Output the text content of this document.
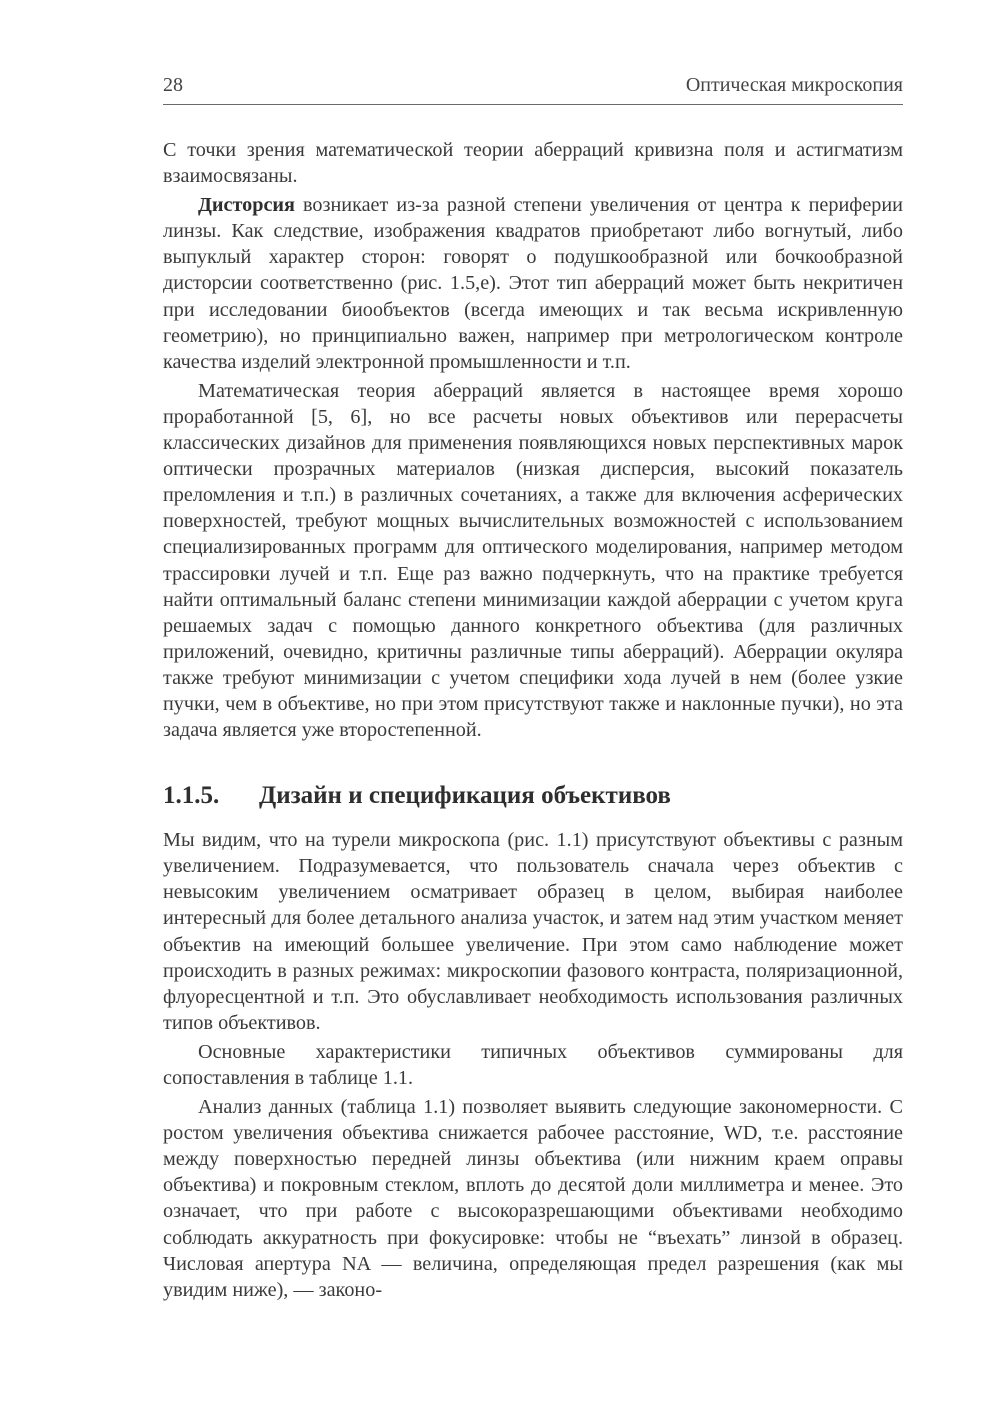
28	Оптическая микроскопия

С точки зрения математической теории аберраций кривизна поля и астигматизм взаимосвязаны.

Дисторсия возникает из-за разной степени увеличения от центра к периферии линзы. Как следствие, изображения квадратов приобретают либо вогнутый, либо выпуклый характер сторон: говорят о подушкообразной или бочкообразной дисторсии соответственно (рис. 1.5,е). Этот тип аберраций может быть некритичен при исследовании биообъектов (всегда имеющих и так весьма искривленную геометрию), но принципиально важен, например при метрологическом контроле качества изделий электронной промышленности и т.п.

Математическая теория аберраций является в настоящее время хорошо проработанной [5, 6], но все расчеты новых объективов или перерасчеты классических дизайнов для применения появляющихся новых перспективных марок оптически прозрачных материалов (низкая дисперсия, высокий показатель преломления и т.п.) в различных сочетаниях, а также для включения асферических поверхностей, требуют мощных вычислительных возможностей с использованием специализированных программ для оптического моделирования, например методом трассировки лучей и т.п. Еще раз важно подчеркнуть, что на практике требуется найти оптимальный баланс степени минимизации каждой аберрации с учетом круга решаемых задач с помощью данного конкретного объектива (для различных приложений, очевидно, критичны различные типы аберраций). Аберрации окуляра также требуют минимизации с учетом специфики хода лучей в нем (более узкие пучки, чем в объективе, но при этом присутствуют также и наклонные пучки), но эта задача является уже второстепенной.

1.1.5.	Дизайн и спецификация объективов

Мы видим, что на турели микроскопа (рис. 1.1) присутствуют объективы с разным увеличением. Подразумевается, что пользователь сначала через объектив с невысоким увеличением осматривает образец в целом, выбирая наиболее интересный для более детального анализа участок, и затем над этим участком меняет объектив на имеющий большее увеличение. При этом само наблюдение может происходить в разных режимах: микроскопии фазового контраста, поляризационной, флуоресцентной и т.п. Это обуславливает необходимость использования различных типов объективов.

Основные характеристики типичных объективов суммированы для сопоставления в таблице 1.1.

Анализ данных (таблица 1.1) позволяет выявить следующие закономерности. С ростом увеличения объектива снижается рабочее расстояние, WD, т.е. расстояние между поверхностью передней линзы объектива (или нижним краем оправы объектива) и покровным стеклом, вплоть до десятой доли миллиметра и менее. Это означает, что при работе с высокоразрешающими объективами необходимо соблюдать аккуратность при фокусировке: чтобы не “въехать” линзой в образец. Числовая апертура NA — величина, определяющая предел разрешения (как мы увидим ниже), — законо-
